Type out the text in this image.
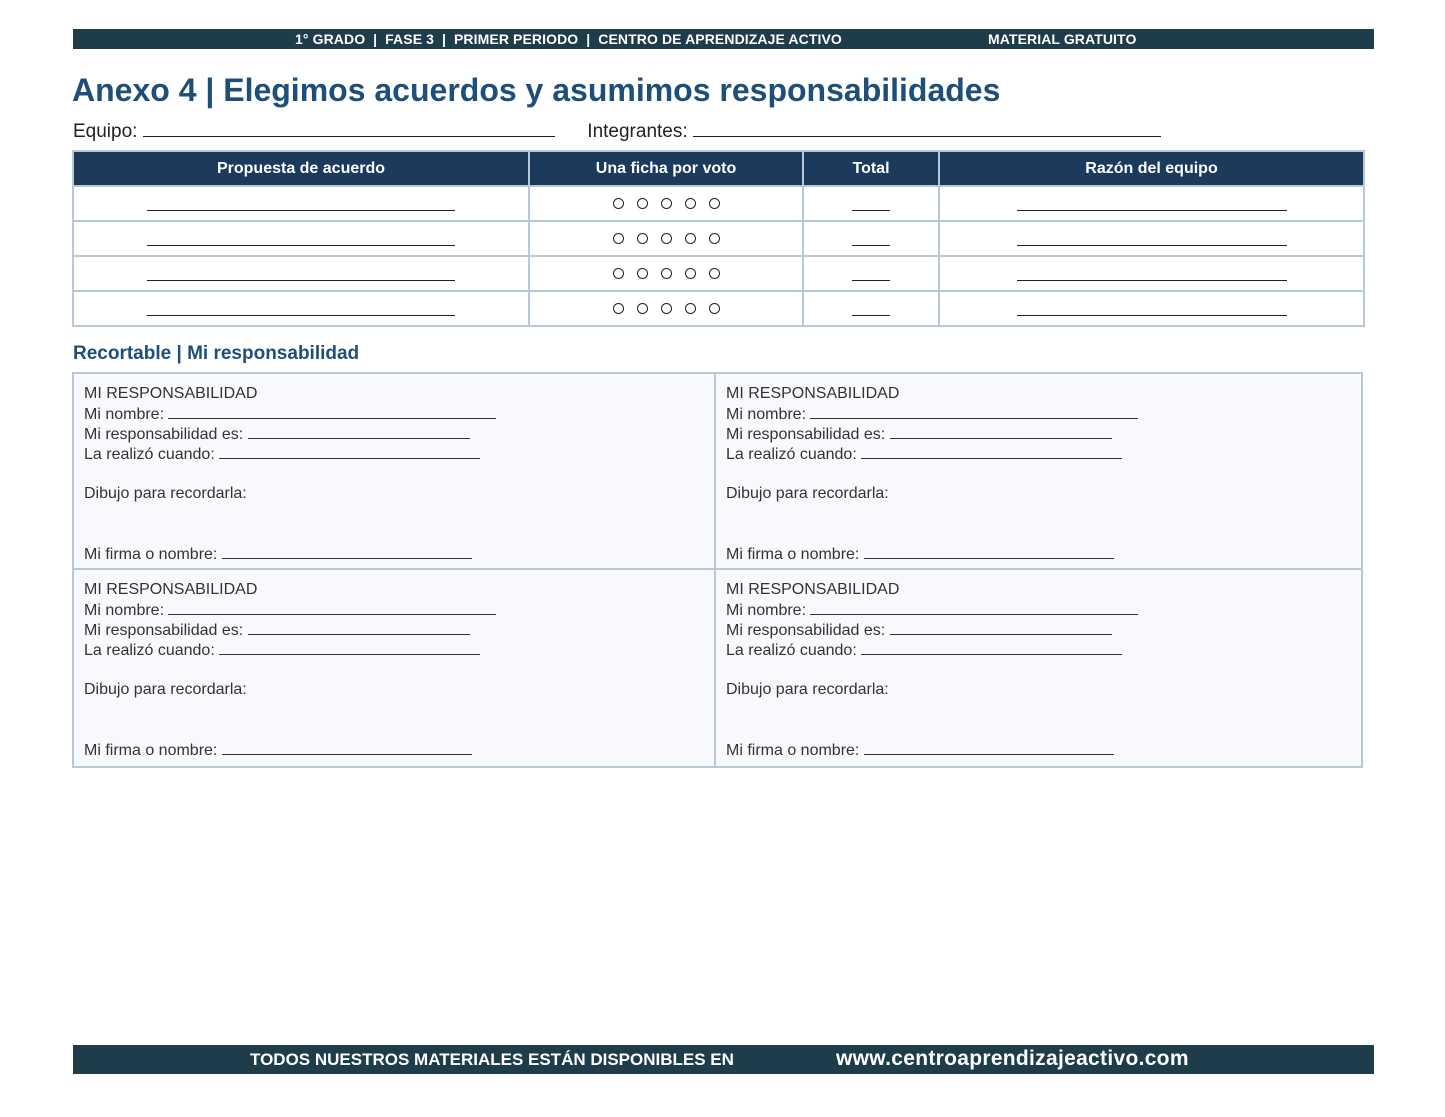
1° GRADO  |  FASE 3  |  PRIMER PERIODO  |  CENTRO DE APRENDIZAJE ACTIVO	MATERIAL GRATUITO
Anexo 4 | Elegimos acuerdos y asumimos responsabilidades
Equipo:	Integrantes:
Propuesta de acuerdo	Una ficha por voto	Total	Razón del equipo

Recortable | Mi responsabilidad
MI RESPONSABILIDAD
Mi nombre:
Mi responsabilidad es:
La realizó cuando:
Dibujo para recordarla:
Mi firma o nombre:
MI RESPONSABILIDAD
Mi nombre:
Mi responsabilidad es:
La realizó cuando:
Dibujo para recordarla:
Mi firma o nombre:
MI RESPONSABILIDAD
Mi nombre:
Mi responsabilidad es:
La realizó cuando:
Dibujo para recordarla:
Mi firma o nombre:
MI RESPONSABILIDAD
Mi nombre:
Mi responsabilidad es:
La realizó cuando:
Dibujo para recordarla:
Mi firma o nombre:
TODOS NUESTROS MATERIALES ESTÁN DISPONIBLES EN	www.centroaprendizajeactivo.com
